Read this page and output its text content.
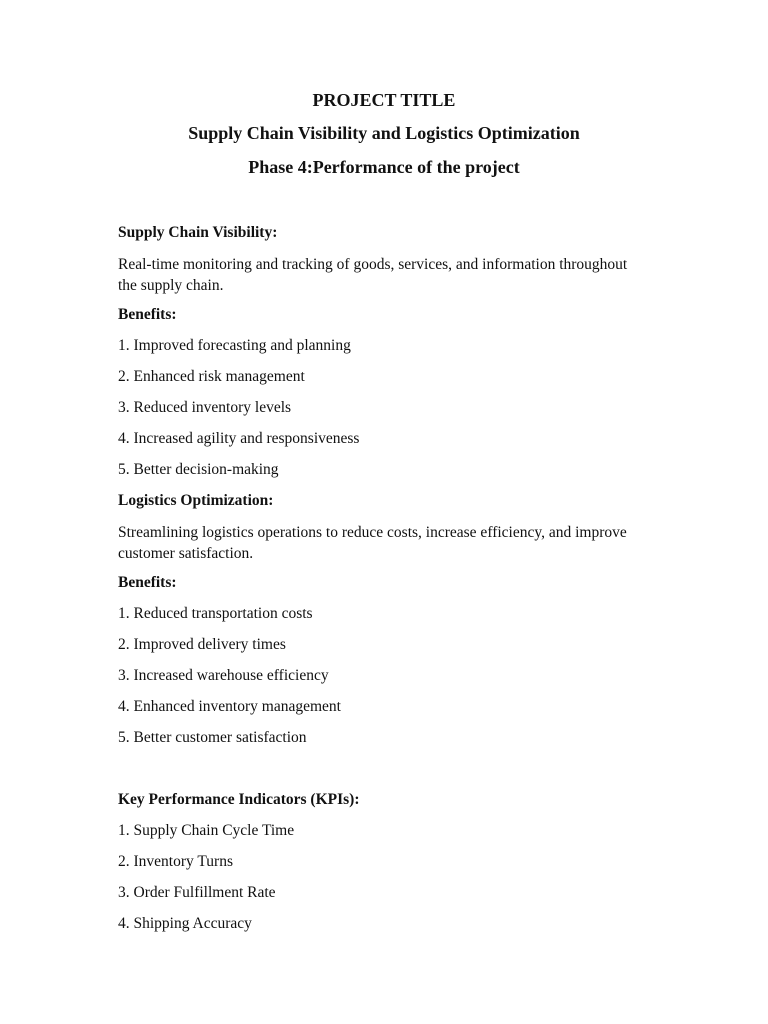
PROJECT TITLE
Supply Chain Visibility and Logistics Optimization
Phase 4:Performance of the project

Supply Chain Visibility:

Real-time monitoring and tracking of goods, services, and information throughout the supply chain.

Benefits:

1. Improved forecasting and planning

2. Enhanced risk management

3. Reduced inventory levels

4. Increased agility and responsiveness

5. Better decision-making

Logistics Optimization:

Streamlining logistics operations to reduce costs, increase efficiency, and improve customer satisfaction.

Benefits:

1. Reduced transportation costs

2. Improved delivery times

3. Increased warehouse efficiency

4. Enhanced inventory management

5. Better customer satisfaction

Key Performance Indicators (KPIs):

1. Supply Chain Cycle Time

2. Inventory Turns

3. Order Fulfillment Rate

4. Shipping Accuracy
